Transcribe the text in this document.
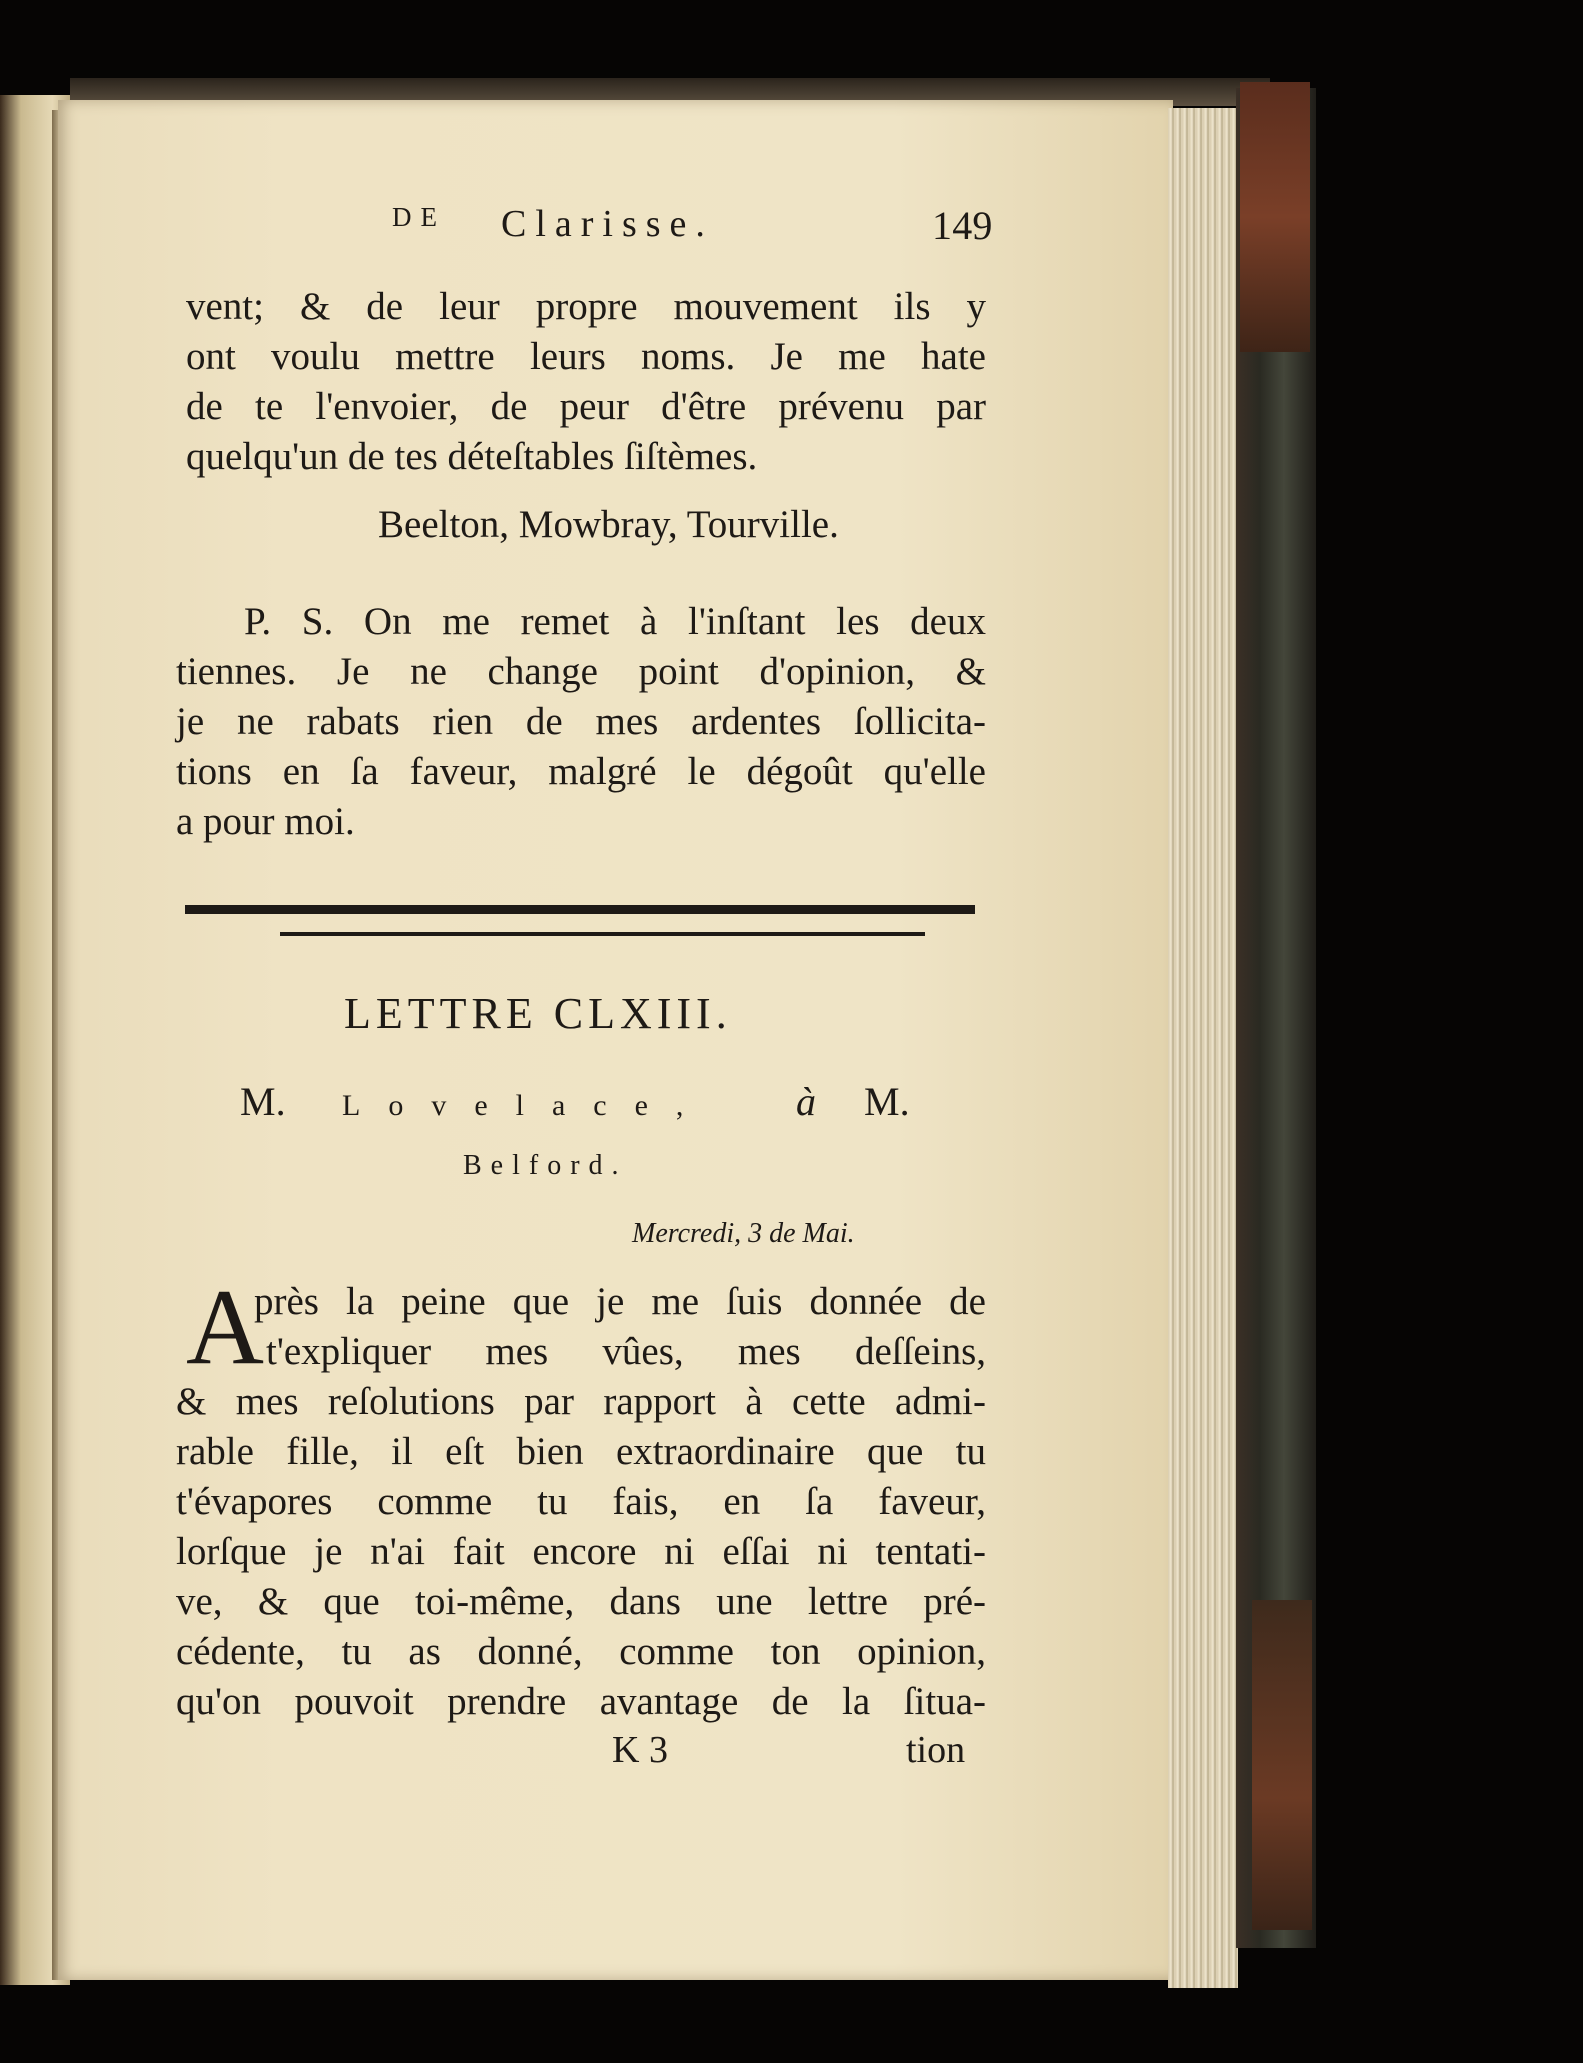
DE Clarisse.	149
vent; & de leur propre mouvement ils y
ont voulu mettre leurs noms. Je me hate
de te l'envoier, de peur d'être prévenu par
quelqu'un de tes déteſtables ſiſtèmes.
Beelton, Mowbray, Tourville.
P. S. On me remet à l'inſtant les deux
tiennes. Je ne change point d'opinion, &
je ne rabats rien de mes ardentes ſollicita-
tions en ſa faveur, malgré le dégoût qu'elle
a pour moi.
LETTRE CLXIII.
M. Lovelace, à M.
Belford.
Mercredi, 3 de Mai.
A
près la peine que je me ſuis donnée de
t'expliquer mes vûes, mes deſſeins,
& mes reſolutions par rapport à cette admi-
rable fille, il eſt bien extraordinaire que tu
t'évapores comme tu fais, en ſa faveur,
lorſque je n'ai fait encore ni eſſai ni tentati-
ve, & que toi-même, dans une lettre pré-
cédente, tu as donné, comme ton opinion,
qu'on pouvoit prendre avantage de la ſitua-
K 3	tion
